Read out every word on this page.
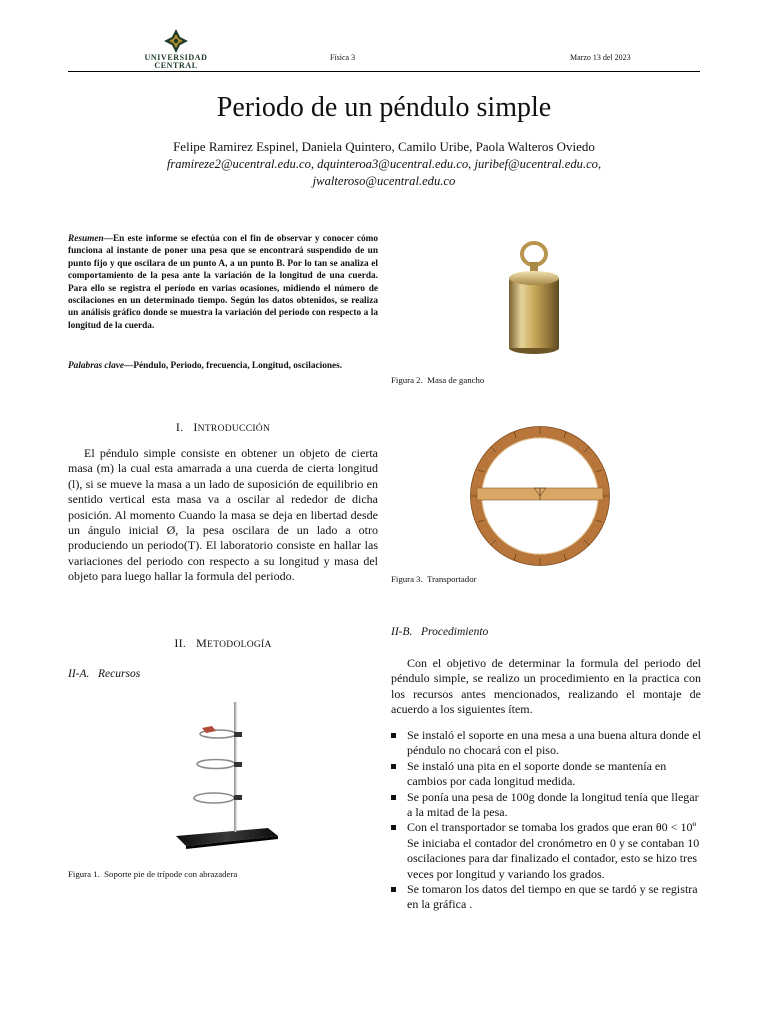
UNIVERSIDAD
CENTRAL
Física 3	Marzo 13 del 2023
Periodo de un péndulo simple
Felipe Ramirez Espinel, Daniela Quintero, Camilo Uribe, Paola Walteros Oviedo
framireze2@ucentral.edu.co, dquinteroa3@ucentral.edu.co, juribef@ucentral.edu.co, jwalteroso@ucentral.edu.co
Resumen—En este informe se efectúa con el fin de observar y conocer cómo funciona al instante de poner una pesa que se encontrará suspendido de un punto fijo y que oscilara de un punto A, a un punto B. Por lo tan se analiza el comportamiento de la pesa ante la variación de la longitud de una cuerda. Para ello se registra el período en varias ocasiones, midiendo el número de oscilaciones en un determinado tiempo. Según los datos obtenidos, se realiza un análisis gráfico donde se muestra la variación del periodo con respecto a la longitud de la cuerda.
Palabras clave—Péndulo, Periodo, frecuencia, Longitud, oscilaciones.
I. INTRODUCCIÓN
El péndulo simple consiste en obtener un objeto de cierta masa (m) la cual esta amarrada a una cuerda de cierta longitud (l), si se mueve la masa a un lado de suposición de equilibrio en sentido vertical esta masa va a oscilar al rededor de dicha posición. Al momento Cuando la masa se deja en libertad desde un ángulo inicial Ø, la pesa oscilara de un lado a otro produciendo un periodo(T). El laboratorio consiste en hallar las variaciones del periodo con respecto a su longitud y masa del objeto para luego hallar la formula del periodo.
II. METODOLOGÍA
II-A.   Recursos
Figura 1.  Soporte pie de trípode con abrazadera
Figura 2.  Masa de gancho
Figura 3.  Transportador
II-B.   Procedimiento
Con el objetivo de determinar la formula del periodo del péndulo simple, se realizo un procedimiento en la practica con los recursos antes mencionados, realizando el montaje de acuerdo a los siguientes ítem.
Se instaló el soporte en una mesa a una buena altura donde el péndulo no chocará con el piso.
Se instaló una pita en el soporte donde se mantenía en cambios por cada longitud medida.
Se ponía una pesa de 100g donde la longitud tenía que llegar a la mitad de la pesa.
Con el transportador se tomaba los grados que eran θ0 < 10º Se iniciaba el contador del cronómetro en 0 y se contaban 10 oscilaciones para dar finalizado el contador, esto se hizo tres veces por longitud y variando los grados.
Se tomaron los datos del tiempo en que se tardó y se registra en la gráfica .
